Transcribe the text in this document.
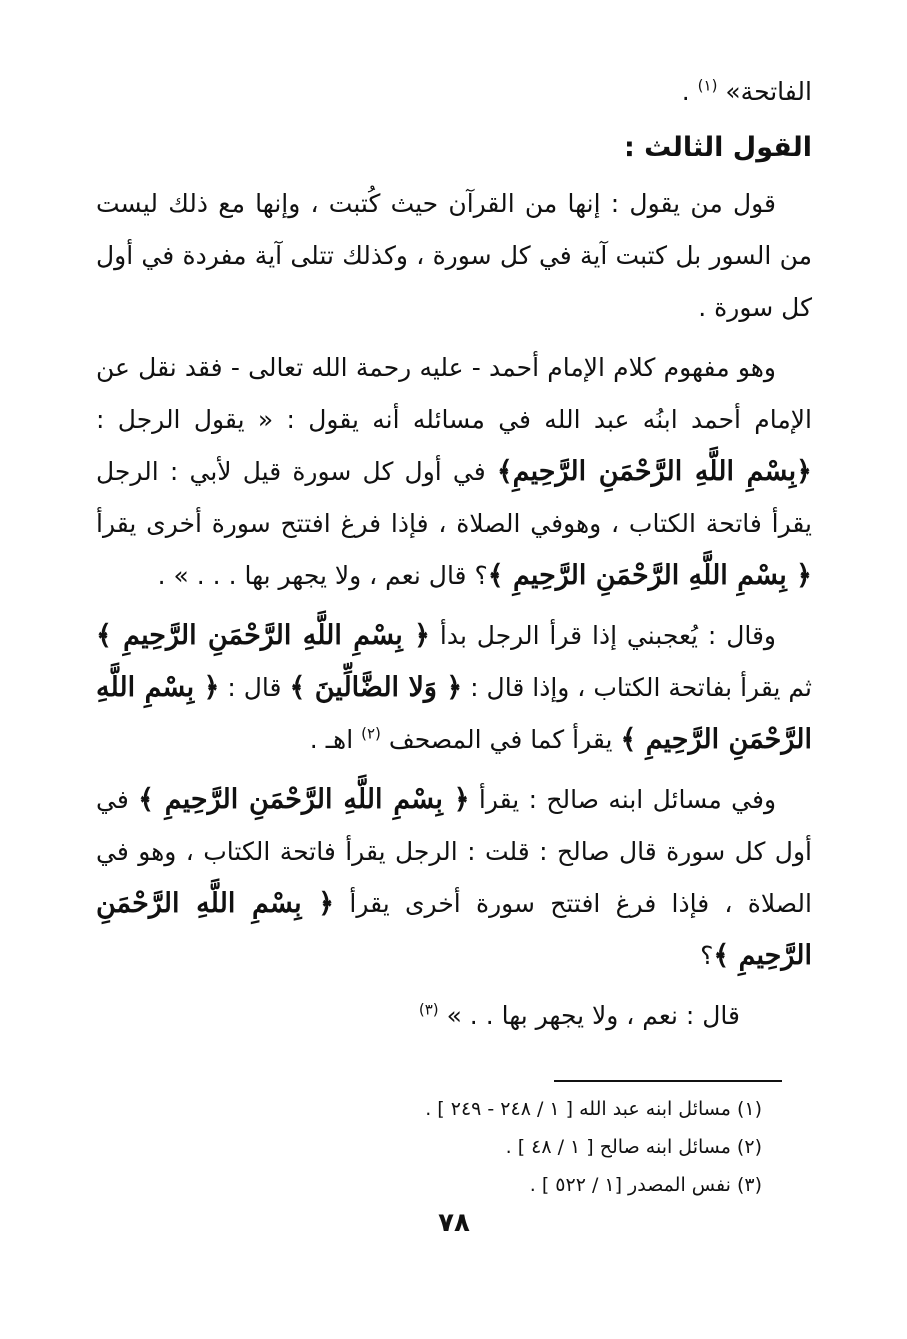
الفاتحة» $^{(١)}$ .

القول الثالث :

قول من يقول : إنها من القرآن حيث كُتبت ، وإنها مع ذلك ليست من السور بل كتبت آية في كل سورة ، وكذلك تتلى آية مفردة في أول كل سورة .

وهو مفهوم كلام الإمام أحمد - عليه رحمة الله تعالى - فقد نقل عن الإمام أحمد ابنُه عبد الله في مسائله أنه يقول : « يقول الرجل : ﴿بِسْمِ اللَّهِ الرَّحْمَنِ الرَّحِيمِ﴾ في أول كل سورة قيل لأبي : الرجل يقرأ فاتحة الكتاب ، وهوفي الصلاة ، فإذا فرغ افتتح سورة أخرى يقرأ ﴿ بِسْمِ اللَّهِ الرَّحْمَنِ الرَّحِيمِ ﴾؟ قال نعم ، ولا يجهر بها . . . » .

وقال : يُعجبني إذا قرأ الرجل بدأ ﴿ بِسْمِ اللَّهِ الرَّحْمَنِ الرَّحِيمِ ﴾ ثم يقرأ بفاتحة الكتاب ، وإذا قال : ﴿ وَلا الضَّالِّينَ ﴾ قال : ﴿ بِسْمِ اللَّهِ الرَّحْمَنِ الرَّحِيمِ ﴾ يقرأ كما في المصحف $^{(٢)}$ اهـ .

وفي مسائل ابنه صالح : يقرأ ﴿ بِسْمِ اللَّهِ الرَّحْمَنِ الرَّحِيمِ ﴾ في أول كل سورة قال صالح : قلت : الرجل يقرأ فاتحة الكتاب ، وهو في الصلاة ، فإذا فرغ افتتح سورة أخرى يقرأ ﴿ بِسْمِ اللَّهِ الرَّحْمَنِ الرَّحِيمِ ﴾؟

قال : نعم ، ولا يجهر بها . . » $^{(٣)}$

(١) مسائل ابنه عبد الله [ ١ / ٢٤٨ - ٢٤٩ ] .

(٢) مسائل ابنه صالح [ ١ / ٤٨ ] .

(٣) نفس المصدر [١ / ٥٢٢ ] .

٧٨
